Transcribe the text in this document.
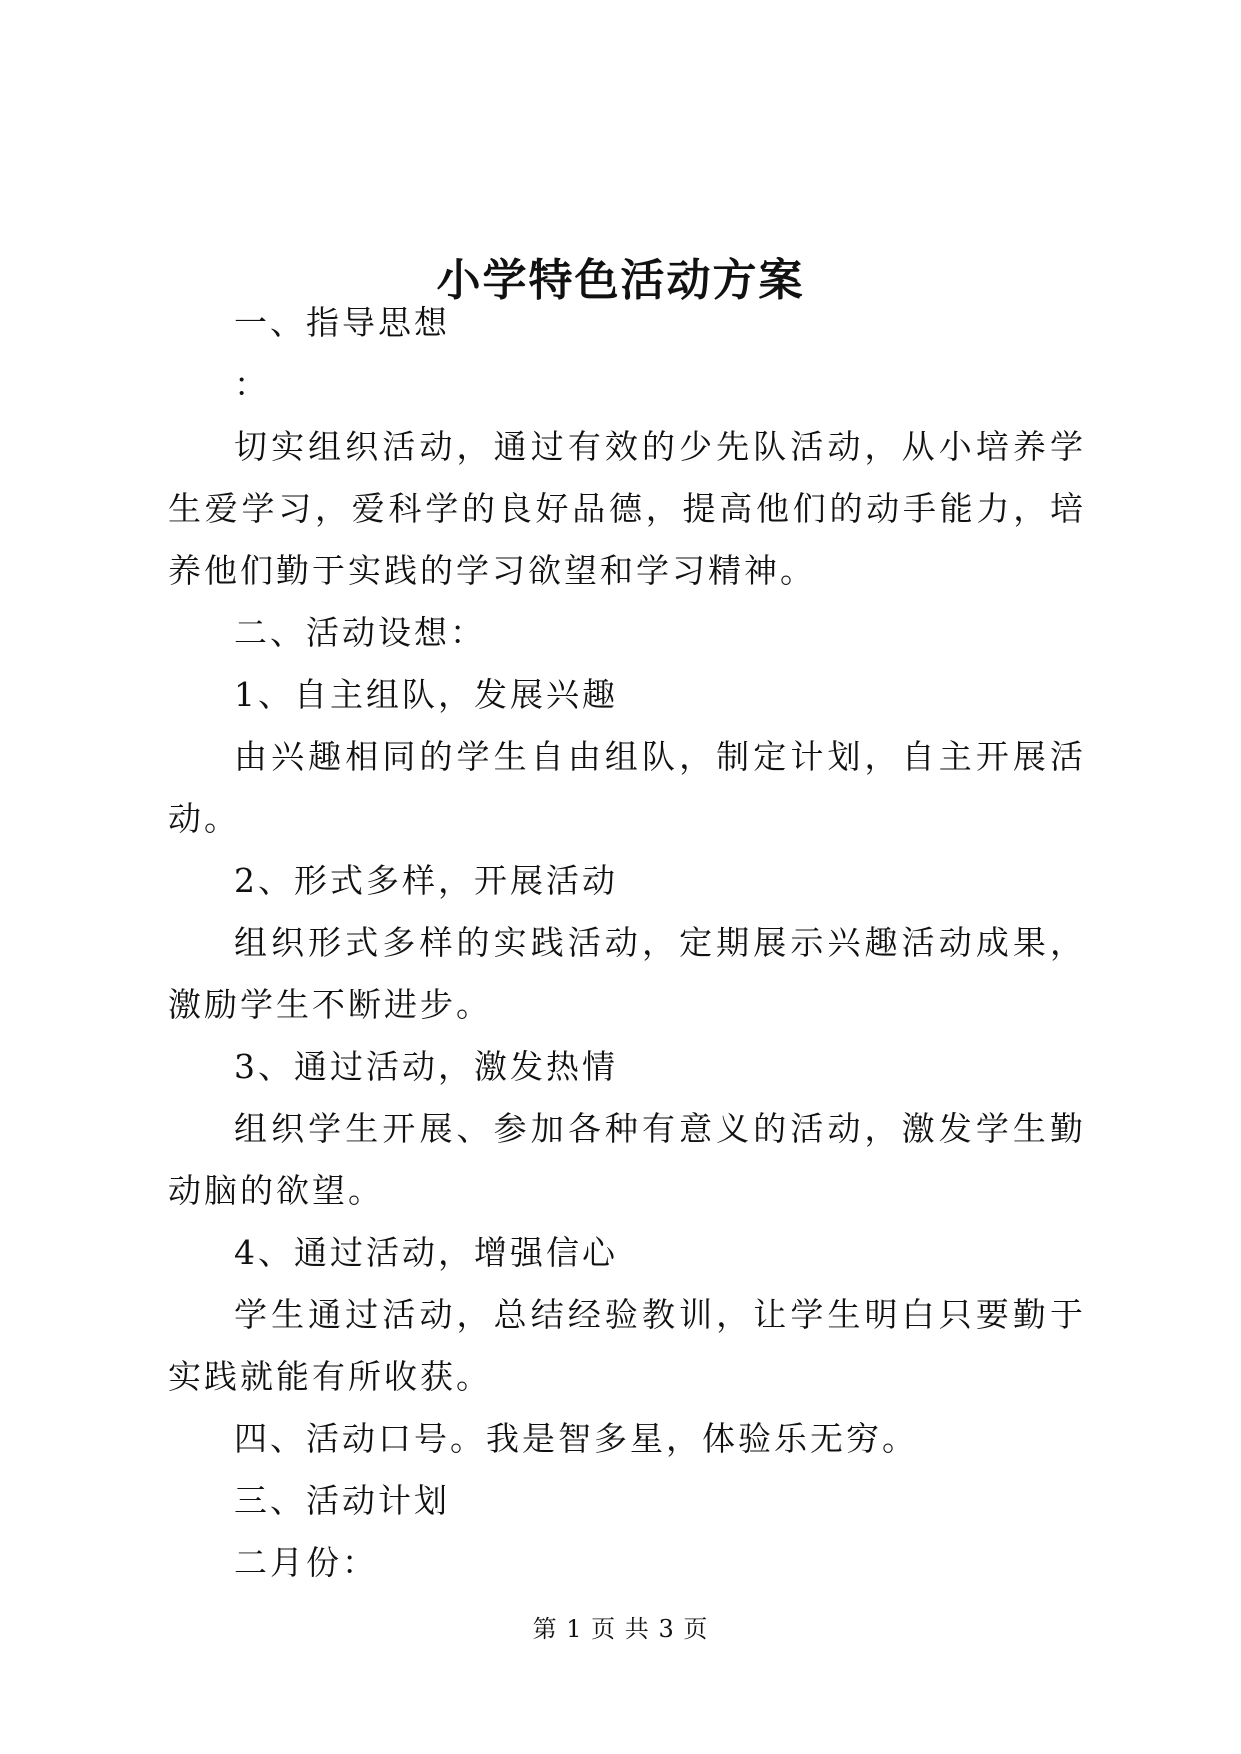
小学特色活动方案

一、指导思想

：

切实组织活动，通过有效的少先队活动，从小培养学生爱学习，爱科学的良好品德，提高他们的动手能力，培养他们勤于实践的学习欲望和学习精神。

二、活动设想：

1、自主组队，发展兴趣

由兴趣相同的学生自由组队，制定计划，自主开展活动。

2、形式多样，开展活动

组织形式多样的实践活动，定期展示兴趣活动成果，激励学生不断进步。

3、通过活动，激发热情

组织学生开展、参加各种有意义的活动，激发学生勤动脑的欲望。

4、通过活动，增强信心

学生通过活动，总结经验教训，让学生明白只要勤于实践就能有所收获。

四、活动口号。我是智多星，体验乐无穷。

三、活动计划

二月份：

第 1 页 共 3 页
